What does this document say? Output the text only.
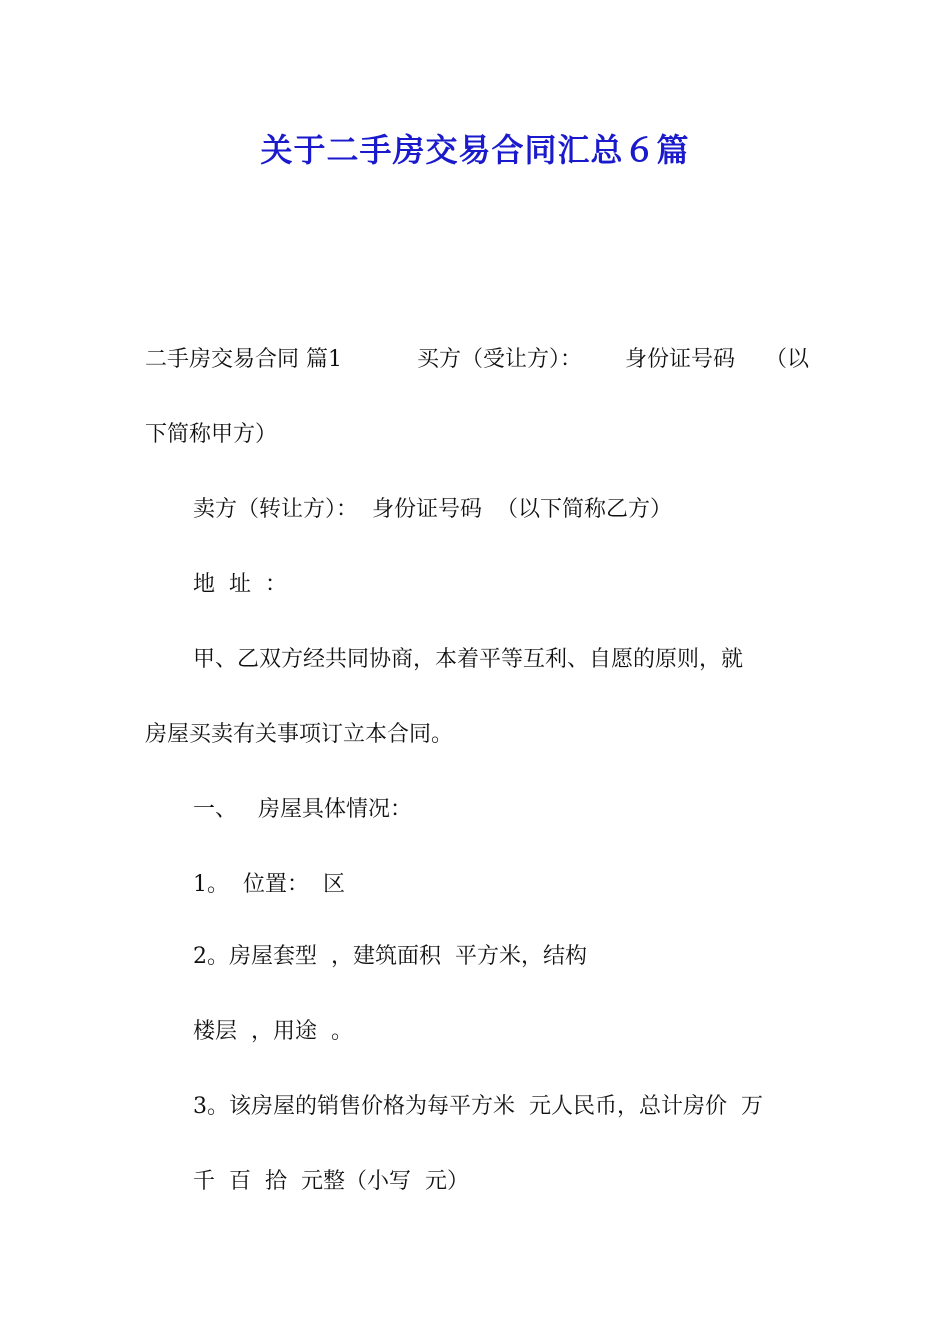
关于二手房交易合同汇总６篇
二手房交易合同 篇1	买方（受让方）： 身份证号码 （以
下简称甲方）
卖方（转让方）：  身份证号码  （以下简称乙方）
地  址  ：
甲、乙双方经共同协商，本着平等互利、自愿的原则，就
房屋买卖有关事项订立本合同。
一、   房屋具体情况：
1。  位置：  区
2。房屋套型  ，建筑面积  平方米，结构
楼层  ，用途  。
3。该房屋的销售价格为每平方米  元人民币，总计房价  万
千  百  拾  元整（小写  元）
